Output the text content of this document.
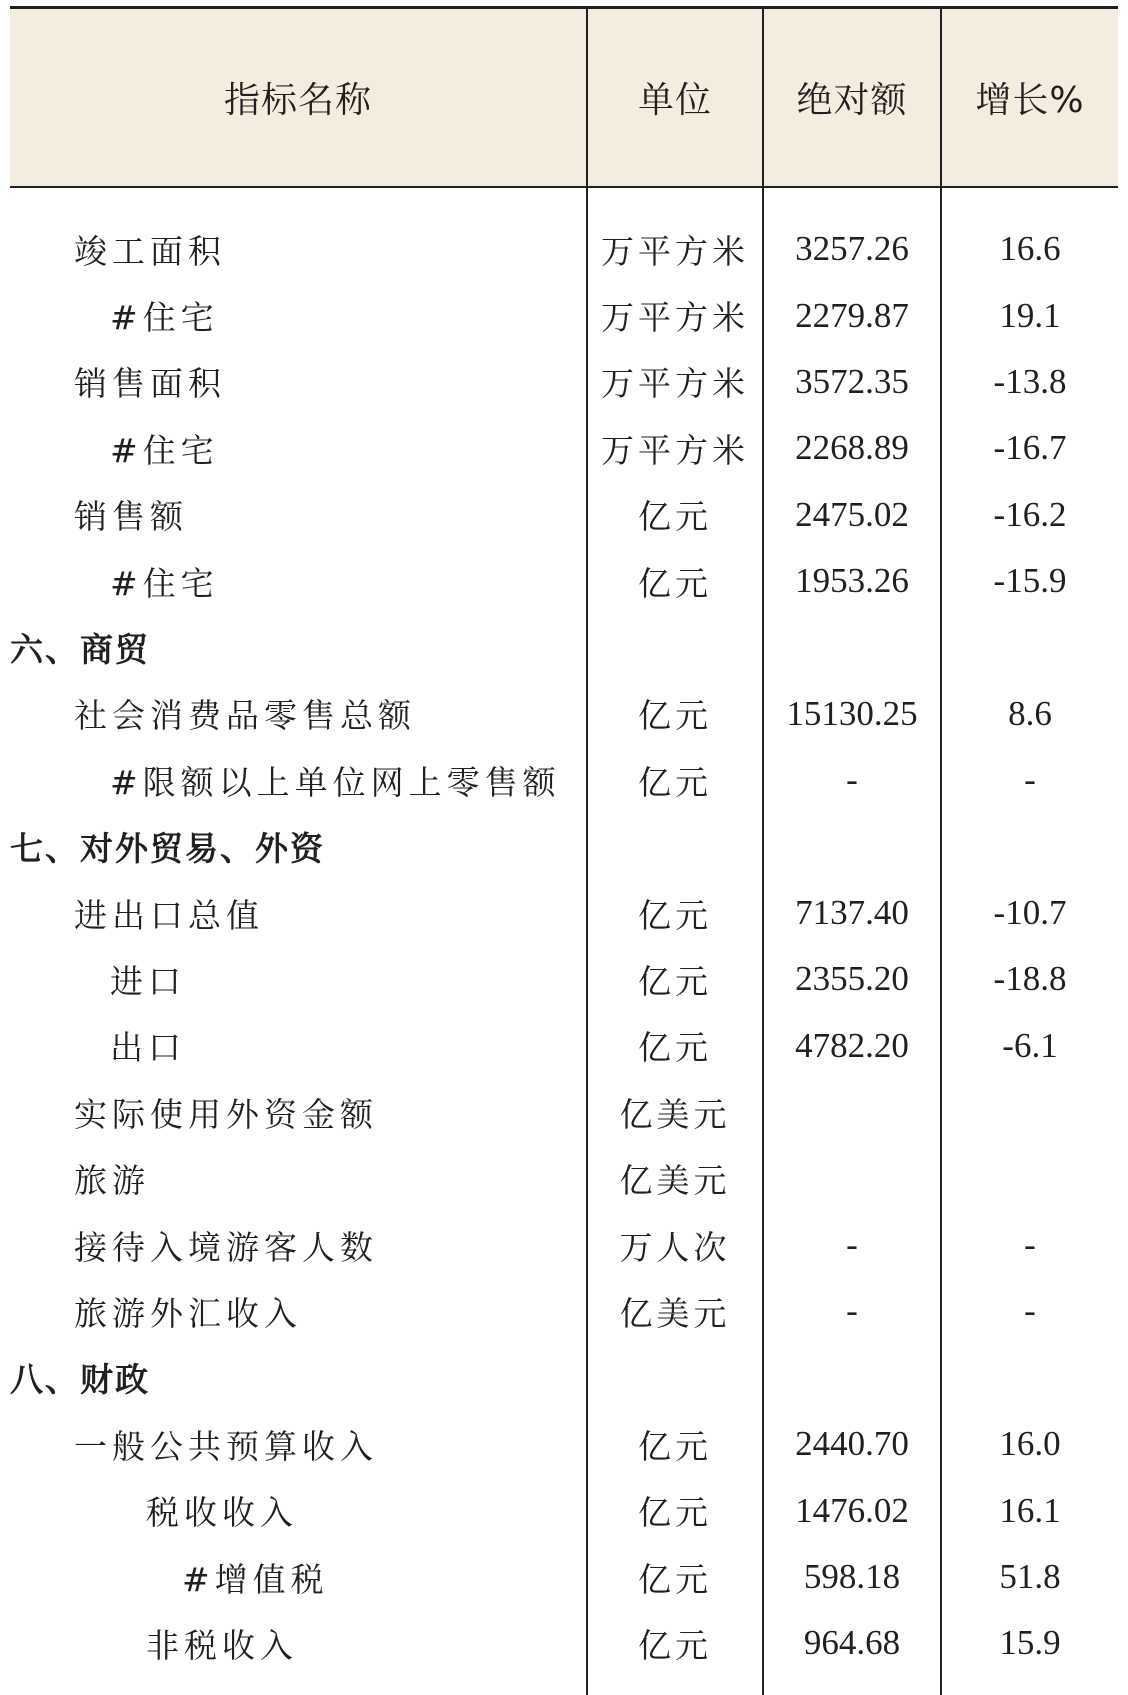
指标名称	单位	绝对额	增长%
竣工面积	万平方米	3257.26	16.6
#住宅	万平方米	2279.87	19.1
销售面积	万平方米	3572.35	-13.8
#住宅	万平方米	2268.89	-16.7
销售额	亿元	2475.02	-16.2
#住宅	亿元	1953.26	-15.9
六、商贸
社会消费品零售总额	亿元	15130.25	8.6
#限额以上单位网上零售额	亿元	-	-
七、对外贸易、外资
进出口总值	亿元	7137.40	-10.7
进口	亿元	2355.20	-18.8
出口	亿元	4782.20	-6.1
实际使用外资金额	亿美元
旅游	亿美元
接待入境游客人数	万人次	-	-
旅游外汇收入	亿美元	-	-
八、财政
一般公共预算收入	亿元	2440.70	16.0
税收收入	亿元	1476.02	16.1
#增值税	亿元	598.18	51.8
非税收入	亿元	964.68	15.9
